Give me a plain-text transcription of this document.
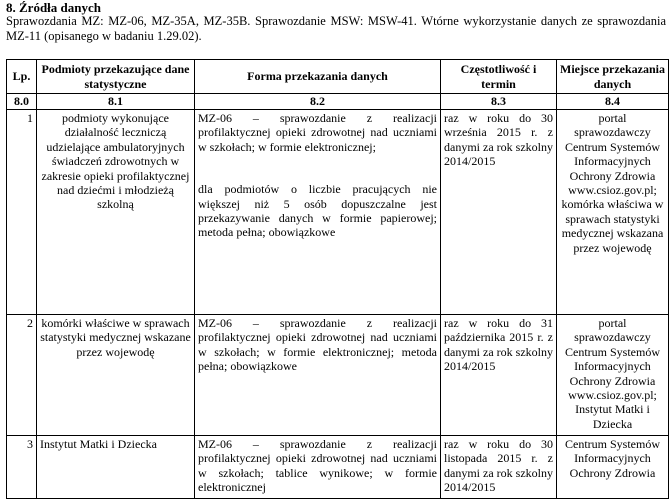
8. Źródła danych
Sprawozdania MZ: MZ-06, MZ-35A, MZ-35B. Sprawozdanie MSW: MSW-41. Wtórne wykorzystanie danych ze sprawozdania MZ-11 (opisanego w badaniu 1.29.02).
Lp.	Podmioty przekazujące dane statystyczne	Forma przekazania danych	Częstotliwość i termin	Miejsce przekazania danych
8.0	8.1	8.2	8.3	8.4
1	podmioty wykonujące działalność leczniczą udzielające ambulatoryjnych świadczeń zdrowotnych w zakresie opieki profilaktycznej nad dziećmi i młodzieżą szkolną	MZ-06 – sprawozdanie z realizacji profilaktycznej opieki zdrowotnej nad uczniami w szkołach; w formie elektronicznej;
dla podmiotów o liczbie pracujących nie większej niż 5 osób dopuszczalne jest przekazywanie danych w formie papierowej; metoda pełna; obowiązkowe	raz w roku do 30 września 2015 r. z danymi za rok szkolny 2014/2015	portal sprawozdawczy Centrum Systemów Informacyjnych Ochrony Zdrowia www.csioz.gov.pl; komórka właściwa w sprawach statystyki medycznej wskazana przez wojewodę
2	komórki właściwe w sprawach statystyki medycznej wskazane przez wojewodę	MZ-06 – sprawozdanie z realizacji profilaktycznej opieki zdrowotnej nad uczniami w szkołach; w formie elektronicznej; metoda pełna; obowiązkowe	raz w roku do 31 października 2015 r. z danymi za rok szkolny 2014/2015	portal sprawozdawczy Centrum Systemów Informacyjnych Ochrony Zdrowia www.csioz.gov.pl; Instytut Matki i Dziecka
3	Instytut Matki i Dziecka	MZ-06 – sprawozdanie z realizacji profilaktycznej opieki zdrowotnej nad uczniami w szkołach; tablice wynikowe; w formie elektronicznej	raz w roku do 30 listopada 2015 r. z danymi za rok szkolny 2014/2015	Centrum Systemów Informacyjnych Ochrony Zdrowia
